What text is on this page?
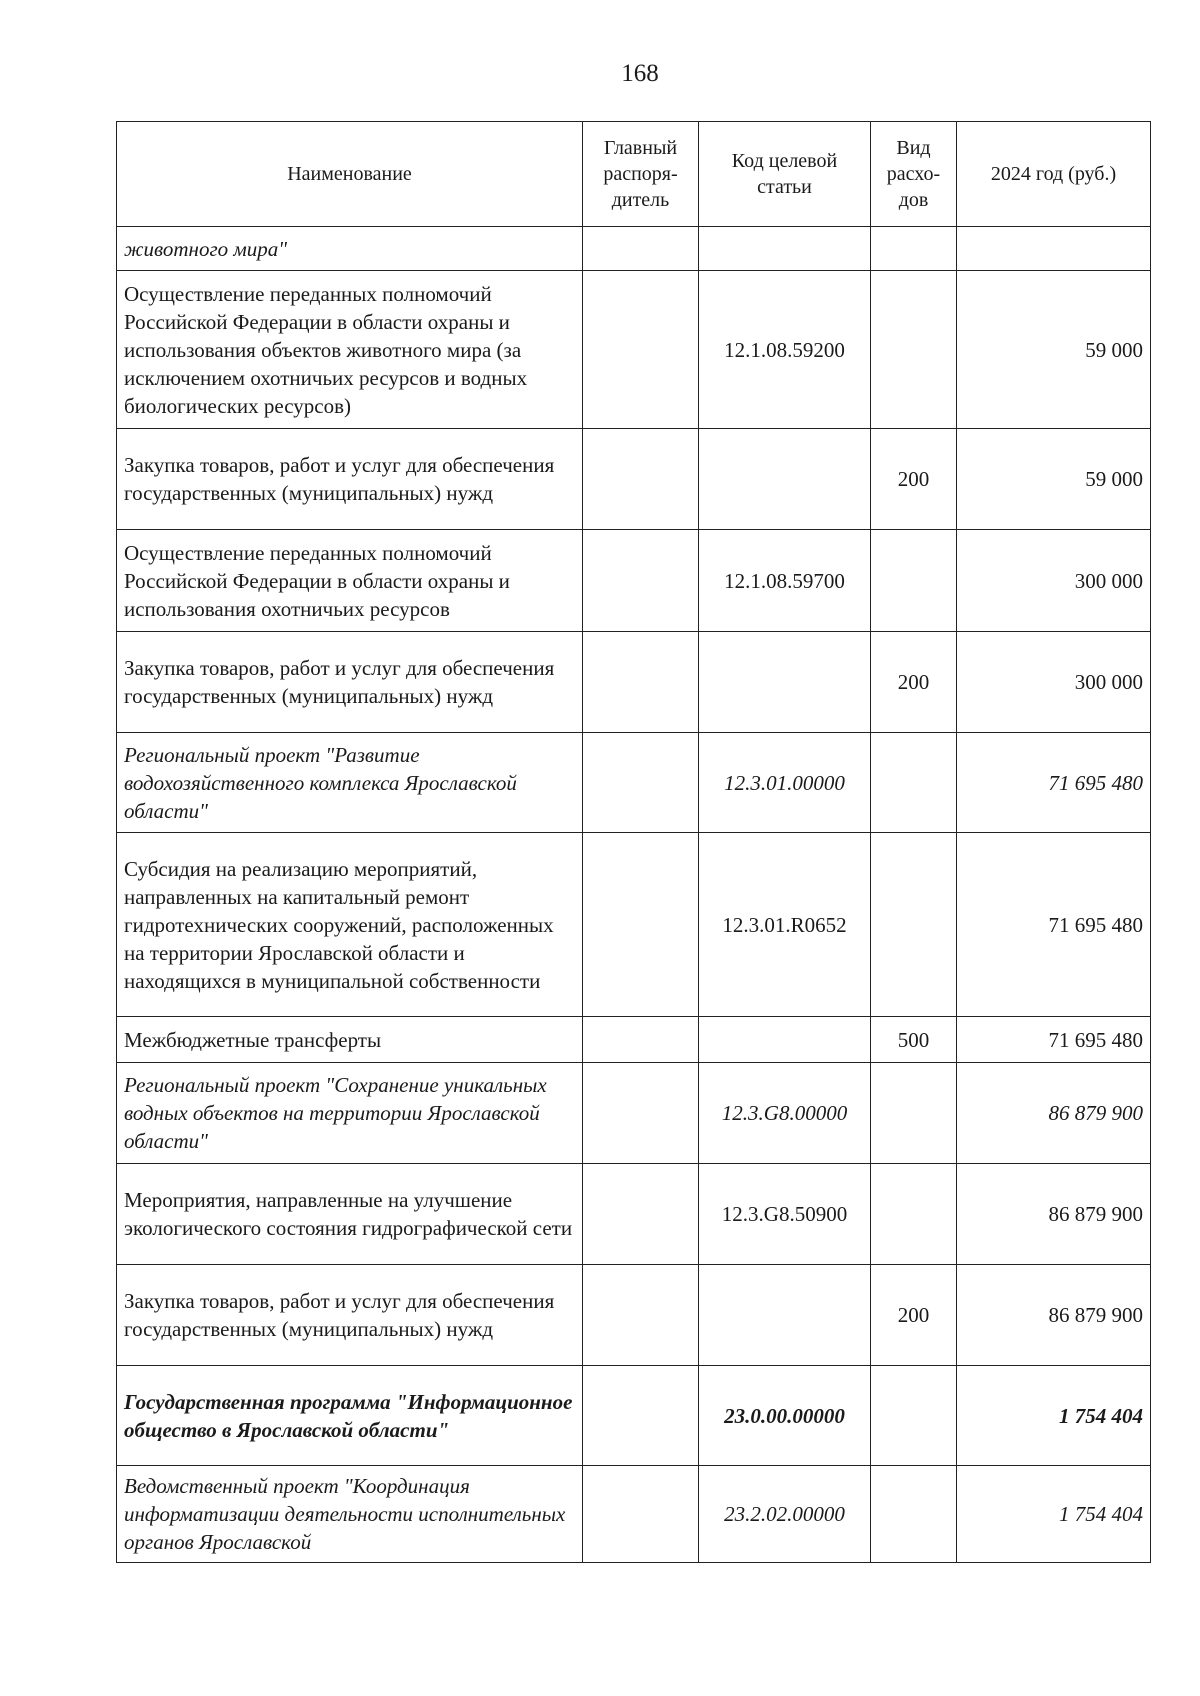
168
Наименование	Главный распоря-дитель	Код целевой статьи	Вид расхо-дов	2024 год (руб.)
животного мира"				
Осуществление переданных полномочий Российской Федерации в области охраны и использования объектов животного мира (за исключением охотничьих ресурсов и водных биологических ресурсов)		12.1.08.59200		59 000
Закупка товаров, работ и услуг для обеспечения государственных (муниципальных) нужд			200	59 000
Осуществление переданных полномочий Российской Федерации в области охраны и использования охотничьих ресурсов		12.1.08.59700		300 000
Закупка товаров, работ и услуг для обеспечения государственных (муниципальных) нужд			200	300 000
Региональный проект "Развитие водохозяйственного комплекса Ярославской области"		12.3.01.00000		71 695 480
Субсидия на реализацию мероприятий, направленных на капитальный ремонт гидротехнических сооружений, расположенных на территории Ярославской области и находящихся в муниципальной собственности		12.3.01.R0652		71 695 480
Межбюджетные трансферты			500	71 695 480
Региональный проект "Сохранение уникальных водных объектов на территории Ярославской области"		12.3.G8.00000		86 879 900
Мероприятия, направленные на улучшение экологического состояния гидрографической сети		12.3.G8.50900		86 879 900
Закупка товаров, работ и услуг для обеспечения государственных (муниципальных) нужд			200	86 879 900
Государственная программа "Информационное общество в Ярославской области"		23.0.00.00000		1 754 404
Ведомственный проект "Координация информатизации деятельности исполнительных органов Ярославской		23.2.02.00000		1 754 404
